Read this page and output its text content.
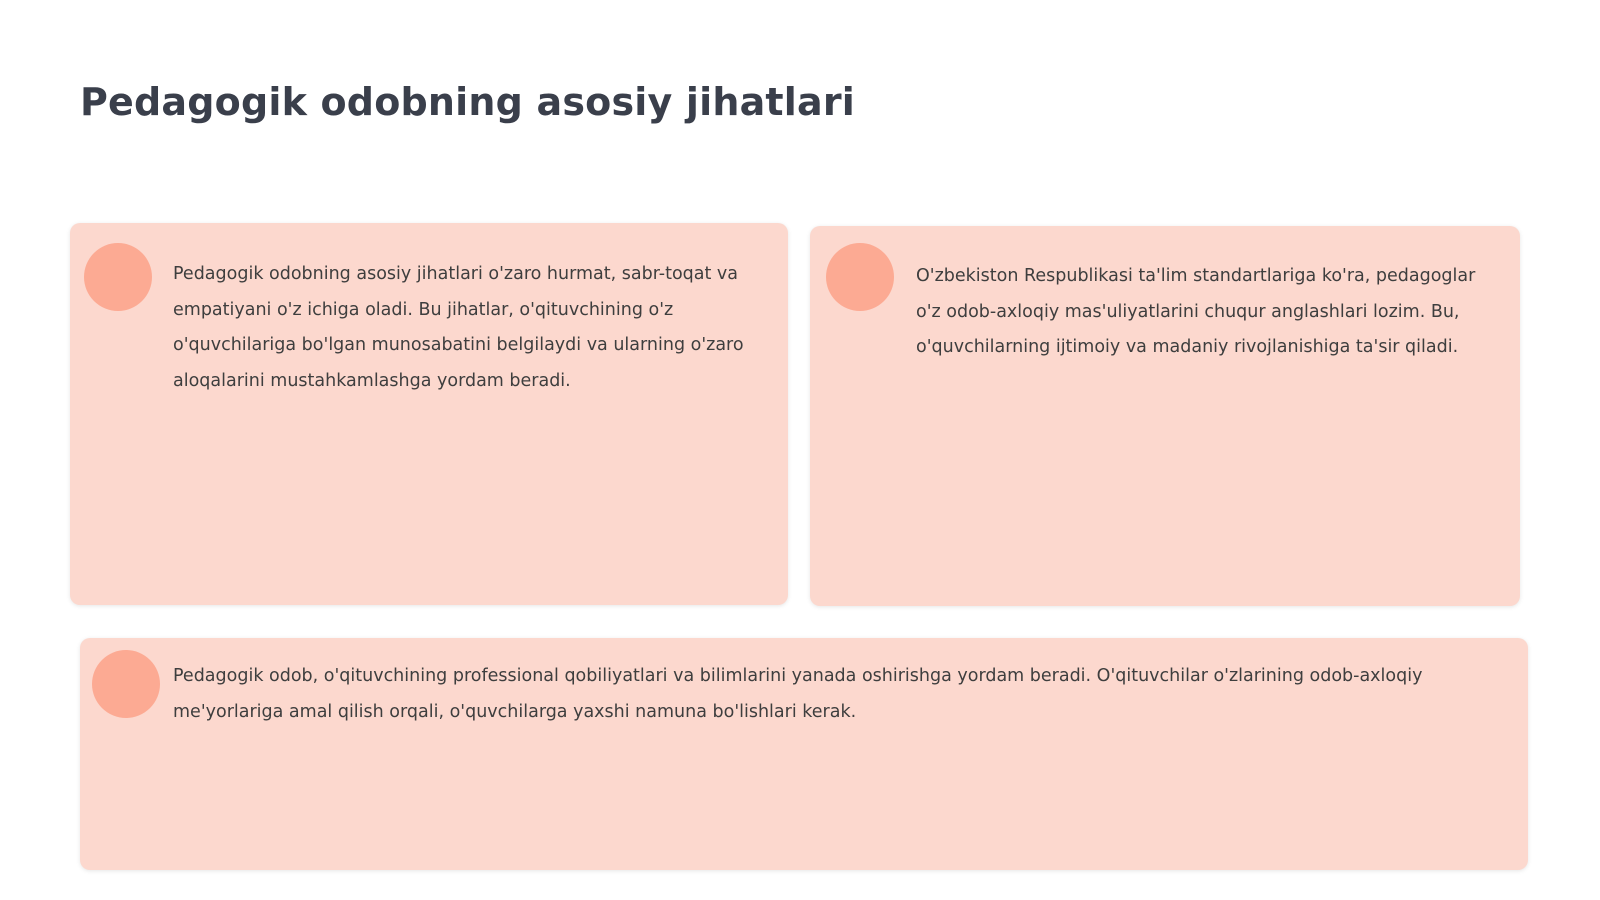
Pedagogik odobning asosiy jihatlari

Pedagogik odobning asosiy jihatlari o'zaro hurmat, sabr-toqat va empatiyani o'z ichiga oladi. Bu jihatlar, o'qituvchining o'z o'quvchilariga bo'lgan munosabatini belgilaydi va ularning o'zaro aloqalarini mustahkamlashga yordam beradi.

O'zbekiston Respublikasi ta'lim standartlariga ko'ra, pedagoglar o'z odob-axloqiy mas'uliyatlarini chuqur anglashlari lozim. Bu, o'quvchilarning ijtimoiy va madaniy rivojlanishiga ta'sir qiladi.

Pedagogik odob, o'qituvchining professional qobiliyatlari va bilimlarini yanada oshirishga yordam beradi. O'qituvchilar o'zlarining odob-axloqiy me'yorlariga amal qilish orqali, o'quvchilarga yaxshi namuna bo'lishlari kerak.
